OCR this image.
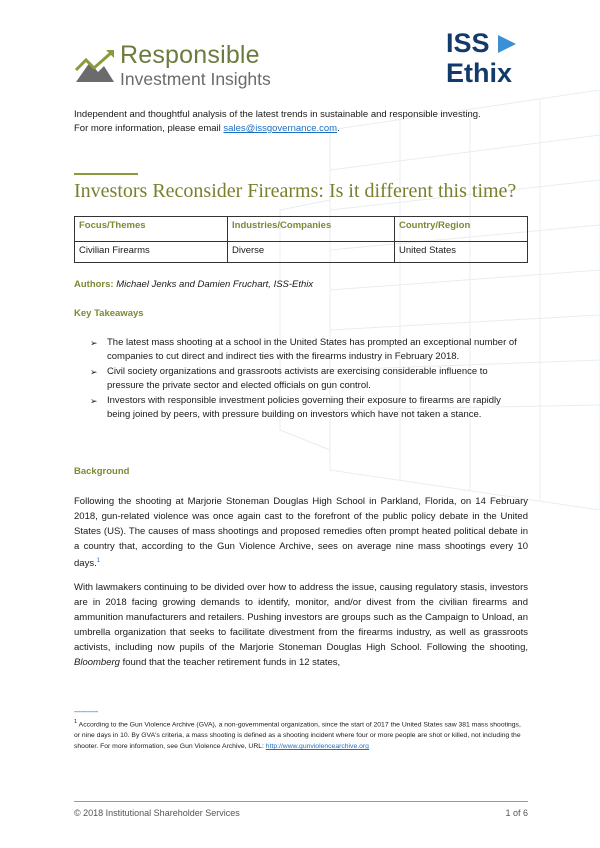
Responsible
Investment Insights
ISS
Ethix
Independent and thoughtful analysis of the latest trends in sustainable and responsible investing.
For more information, please email sales@issgovernance.com.
Investors Reconsider Firearms: Is it different this time?
Focus/Themes	Industries/Companies	Country/Region
Civilian Firearms	Diverse	United States
Authors: Michael Jenks and Damien Fruchart, ISS-Ethix
Key Takeaways
➢ The latest mass shooting at a school in the United States has prompted an exceptional number of companies to cut direct and indirect ties with the firearms industry in February 2018.
➢ Civil society organizations and grassroots activists are exercising considerable influence to pressure the private sector and elected officials on gun control.
➢ Investors with responsible investment policies governing their exposure to firearms are rapidly being joined by peers, with pressure building on investors which have not taken a stance.
Background
Following the shooting at Marjorie Stoneman Douglas High School in Parkland, Florida, on 14 February 2018, gun-related violence was once again cast to the forefront of the public policy debate in the United States (US). The causes of mass shootings and proposed remedies often prompt heated political debate in a country that, according to the Gun Violence Archive, sees on average nine mass shootings every 10 days.$^1$
With lawmakers continuing to be divided over how to address the issue, causing regulatory stasis, investors are in 2018 facing growing demands to identify, monitor, and/or divest from the civilian firearms and ammunition manufacturers and retailers. Pushing investors are groups such as the Campaign to Unload, an umbrella organization that seeks to facilitate divestment from the firearms industry, as well as grassroots activists, including now pupils of the Marjorie Stoneman Douglas High School. Following the shooting, Bloomberg found that the teacher retirement funds in 12 states,
-----------
$^1$ According to the Gun Violence Archive (GVA), a non-governmental organization, since the start of 2017 the United States saw 381 mass shootings, or nine days in 10. By GVA's criteria, a mass shooting is defined as a shooting incident where four or more people are shot or killed, not including the shooter. For more information, see Gun Violence Archive, URL: http://www.gunviolencearchive.org
© 2018 Institutional Shareholder Services	1 of 6
